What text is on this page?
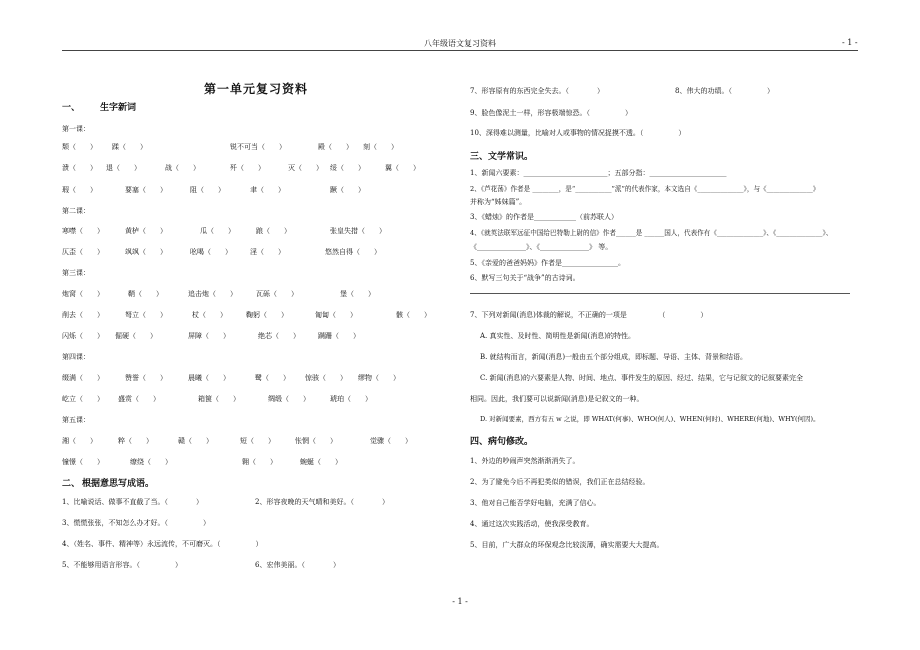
八年级语文复习资料	- 1 -
第一单元复习资料
一、 生字新词
第一课：
颓（　　） 蹂（　　）	锐不可当（　　）	殿（　　） 刻（　　）
溃（　　） 退（　　）	战（　　）	歼（　　）	灭（　　） 绥（　　）	翼（　　）
瑕（　　）	要塞（　　）	阻（　　）	聿（　　）	蹶（　　）
第二课：
寒噤（　　）	黄栌（　　）	瓜（　　）	踉（　　）	张皇失措（　　）
仄歪（　　）	飒飒（　　）	吆喝（　　）	淫（　　）	悠然自得（　　）
第三课：
炮窝（　　）	鞘（　　）	追击炮（　　）	瓦砾（　　）	堡（　　）
削去（　　）	弩立（　　）	杖（　　）	鞠躬（　　）	匍匐（　　）	骸（　　）
闪烁（　　） 倔硬（　　）	屏障（　　）	绝芯（　　）	蹒跚（　　）
第四课：
缀满（　　）	赞誉（　　）	晨曦（　　）	鹭（　　） 惊骇（　　） 缪物（　　）
屹立（　　） 盛赏（　　）	箱箧（　　）	绸缎（　　）	琥珀（　　）
第五课：
湘（　　）	粹（　　）	赣（　　）	短（　　）	怅惘（　　）	觉骤（　　）
憧憬（　　）	缭绕（　　）	翱（　　）	蜿蜒（　　）
二、 根据意思写成语。
1、比喻说话、做事不直截了当。（　　　　）	2、形容夜晚的天气晴和美好。（　　　　）
3、慌慌张张，不知怎么办才好。（　　　　　）
4、（姓名、事件、精神等）永远流传，不可磨灭。（　　　　　）
5、不能够用语言形容。（　　　　　）	6、宏伟美丽。（　　　　）
7、形容原有的东西完全失去。（　　　　）	8、伟大的功绩。（　　　　　）
9、脸色像泥土一样，形容极端惊恐。（　　　　　）
10、深得难以测量，比喻对人或事物的情况捉摸不透。（　　　　　）
三、 文学常识。
1、新闻六要素：________________________；五部分指：______________________
2、《芦花荡》作者是 ________，是“___________”派”的代表作家，本文选自《______________》，与《______________》
并称为“姊妹篇”。
3、《蜡烛》的作者是____________（前苏联人）
4、《就英法联军远征中国给巴特勒上尉的信》作者______是 ______国人，代表作有《______________》、《______________》、
《______________》、《______________》 等。
5、《亲爱的爸爸妈妈》作者是________________。
6、默写三句关于“战争”的古诗词。
7、下列对新闻(消息)体裁的解说，不正确的一项是　　　　　（　　　　　）
A. 真实性、及时性、简明性是新闻(消息)的特性。
B. 就结构而言，新闻(消息)一般由五个部分组成，即标题、导语、主体、背景和结语。
C. 新闻(消息)的六要素是人物、时间、地点、事件发生的原因、经过、结果，它与记叙文的记叙要素完全
相同。因此，我们要可以说新闻(消息)是记叙文的一种。
D. 对新闻要素，西方有五 w 之说，即 WHAT(何事)、WHO(何人)、WHEN(何时)、WHERE(何地)、WHY(何因)。
四、 病句修改。
1、外边的吵闹声突然渐渐消失了。
2、为了避免今后不再犯类似的错误，我们正在总结经验。
3、他对自己能否学好电脑，充满了信心。
4、通过这次实践活动，使我深受教育。
5、目前，广大群众的环保观念比较淡薄，确实需要大大提高。
- 1 -
